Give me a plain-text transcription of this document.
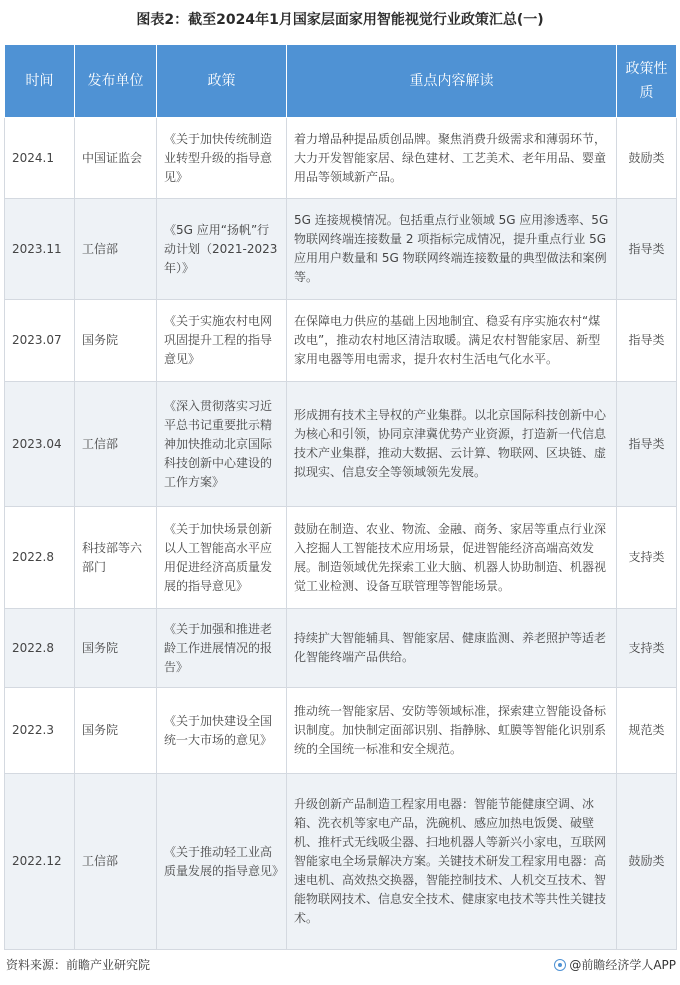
图表2：截至2024年1月国家层面家用智能视觉行业政策汇总(一)
时间	发布单位	政策	重点内容解读	政策性质
2024.1	中国证监会	《关于加快传统制造业转型升级的指导意见》	着力增品种提品质创品牌。聚焦消费升级需求和薄弱环节，大力开发智能家居、绿色建材、工艺美术、老年用品、婴童用品等领域新产品。	鼓励类
2023.11	工信部	《5G 应用“扬帆”行动计划（2021-2023年）》	5G 连接规模情况。包括重点行业领域 5G 应用渗透率、5G 物联网终端连接数量 2 项指标完成情况，提升重点行业 5G 应用用户数量和 5G 物联网终端连接数量的典型做法和案例等。	指导类
2023.07	国务院	《关于实施农村电网巩固提升工程的指导意见》	在保障电力供应的基础上因地制宜、稳妥有序实施农村“煤改电”，推动农村地区清洁取暖。满足农村智能家居、新型家用电器等用电需求，提升农村生活电气化水平。	指导类
2023.04	工信部	《深入贯彻落实习近平总书记重要批示精神加快推动北京国际科技创新中心建设的工作方案》	形成拥有技术主导权的产业集群。以北京国际科技创新中心为核心和引领，协同京津冀优势产业资源，打造新一代信息技术产业集群，推动大数据、云计算、物联网、区块链、虚拟现实、信息安全等领域领先发展。	指导类
2022.8	科技部等六部门	《关于加快场景创新以人工智能高水平应用促进经济高质量发展的指导意见》	鼓励在制造、农业、物流、金融、商务、家居等重点行业深入挖掘人工智能技术应用场景，促进智能经济高端高效发展。制造领域优先探索工业大脑、机器人协助制造、机器视觉工业检测、设备互联管理等智能场景。	支持类
2022.8	国务院	《关于加强和推进老龄工作进展情况的报告》	持续扩大智能辅具、智能家居、健康监测、养老照护等适老化智能终端产品供给。	支持类
2022.3	国务院	《关于加快建设全国统一大市场的意见》	推动统一智能家居、安防等领域标准，探索建立智能设备标识制度。加快制定面部识别、指静脉、虹膜等智能化识别系统的全国统一标准和安全规范。	规范类
2022.12	工信部	《关于推动轻工业高质量发展的指导意见》	升级创新产品制造工程家用电器：智能节能健康空调、冰箱、洗衣机等家电产品，洗碗机、感应加热电饭煲、破壁机、推杆式无线吸尘器、扫地机器人等新兴小家电，互联网智能家电全场景解决方案。关键技术研发工程家用电器：高速电机、高效热交换器，智能控制技术、人机交互技术、智能物联网技术、信息安全技术、健康家电技术等共性关键技术。	鼓励类
资料来源：前瞻产业研究院	@前瞻经济学人APP
